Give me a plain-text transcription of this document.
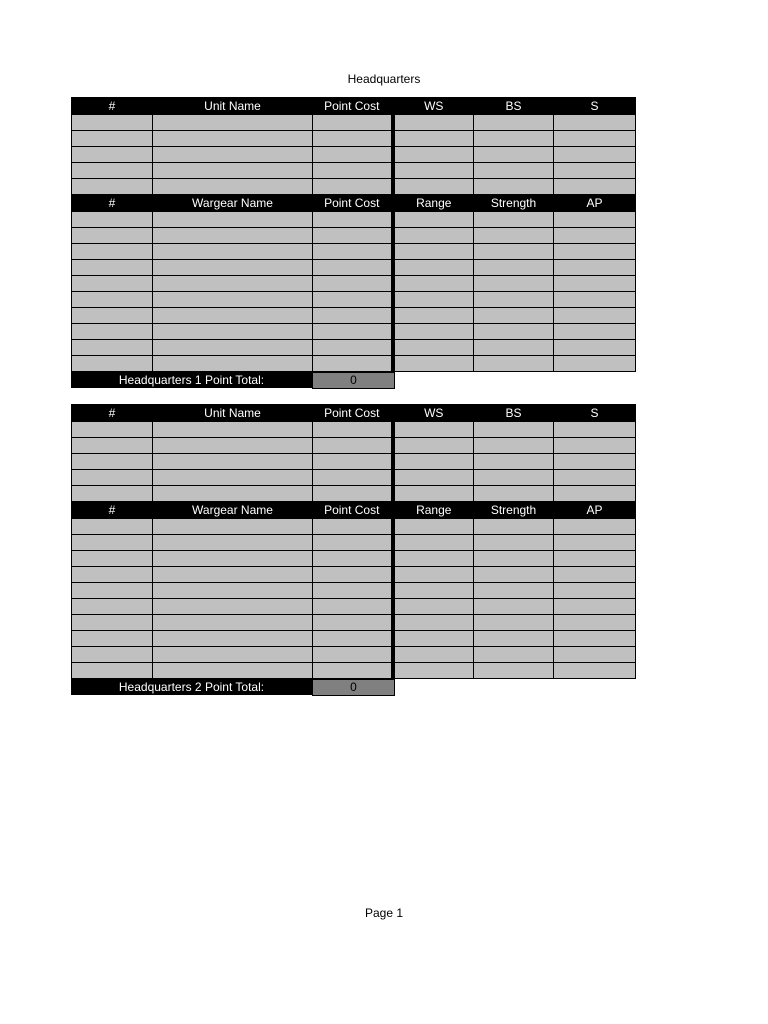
Headquarters
#	Unit Name	Point Cost	WS	BS	S

#	Wargear Name	Point Cost	Range	Strength	AP

Headquarters 1 Point Total:	0
#	Unit Name	Point Cost	WS	BS	S

#	Wargear Name	Point Cost	Range	Strength	AP

Headquarters 2 Point Total:	0
Page 1
